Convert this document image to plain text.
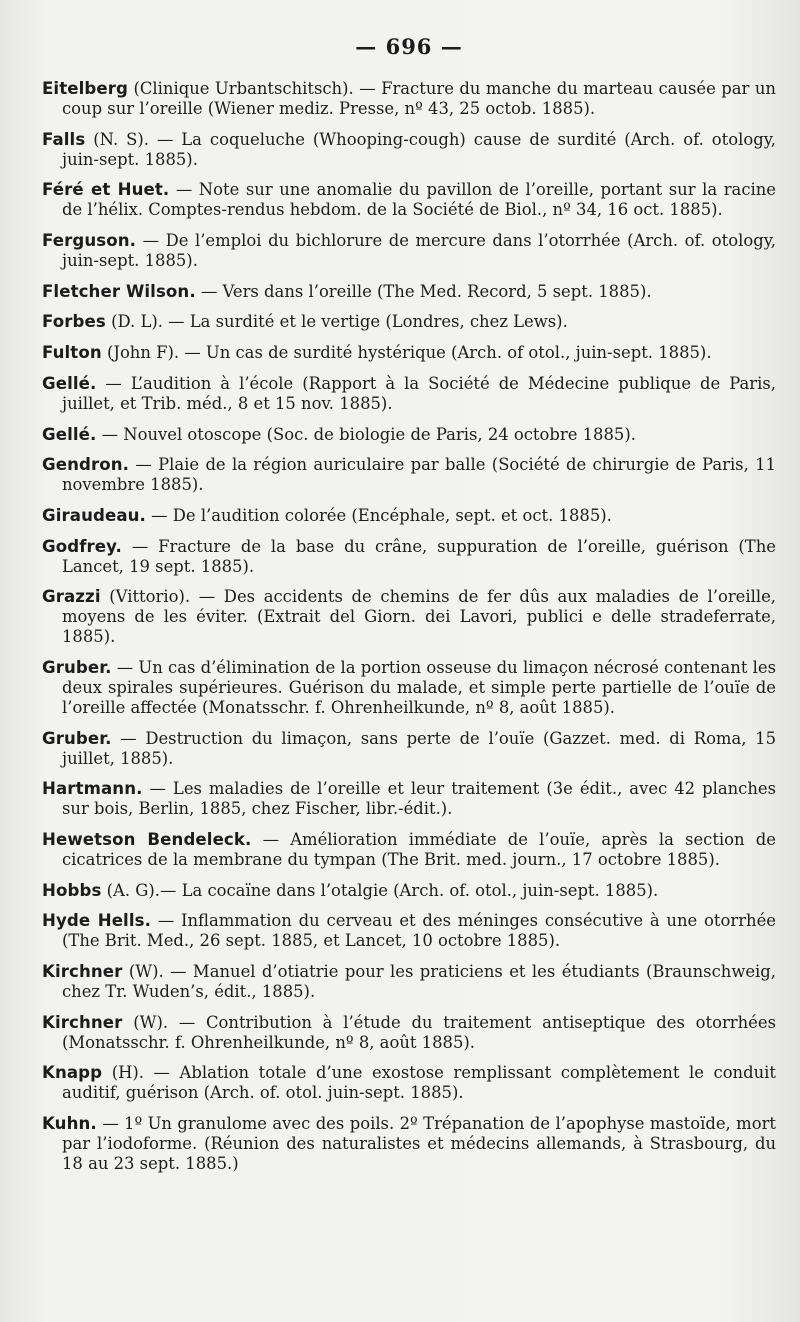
— 696 —

Eitelberg (Clinique Urbantschitsch). — Fracture du manche du marteau causée par un coup sur l’oreille (Wiener mediz. Presse, nº 43, 25 octob. 1885).

Falls (N. S). — La coqueluche (Whooping-cough) cause de surdité (Arch. of. otology, juin-sept. 1885).

Féré et Huet. — Note sur une anomalie du pavillon de l’oreille, portant sur la racine de l’hélix. Comptes-rendus hebdom. de la Société de Biol., nº 34, 16 oct. 1885).

Ferguson. — De l’emploi du bichlorure de mercure dans l’otorrhée (Arch. of. otology, juin-sept. 1885).

Fletcher Wilson. — Vers dans l’oreille (The Med. Record, 5 sept. 1885).

Forbes (D. L). — La surdité et le vertige (Londres, chez Lews).

Fulton (John F). — Un cas de surdité hystérique (Arch. of otol., juin-sept. 1885).

Gellé. — L’audition à l’école (Rapport à la Société de Médecine publique de Paris, juillet, et Trib. méd., 8 et 15 nov. 1885).

Gellé. — Nouvel otoscope (Soc. de biologie de Paris, 24 octobre 1885).

Gendron. — Plaie de la région auriculaire par balle (Société de chirurgie de Paris, 11 novembre 1885).

Giraudeau. — De l’audition colorée (Encéphale, sept. et oct. 1885).

Godfrey. — Fracture de la base du crâne, suppuration de l’oreille, guérison (The Lancet, 19 sept. 1885).

Grazzi (Vittorio). — Des accidents de chemins de fer dûs aux maladies de l’oreille, moyens de les éviter. (Extrait del Giorn. dei Lavori, publici e delle stradeferrate, 1885).

Gruber. — Un cas d’élimination de la portion osseuse du limaçon nécrosé contenant les deux spirales supérieures. Guérison du malade, et simple perte partielle de l’ouïe de l’oreille affectée (Monatsschr. f. Ohrenheilkunde, nº 8, août 1885).

Gruber. — Destruction du limaçon, sans perte de l’ouïe (Gazzet. med. di Roma, 15 juillet, 1885).

Hartmann. — Les maladies de l’oreille et leur traitement (3e édit., avec 42 planches sur bois, Berlin, 1885, chez Fischer, libr.-édit.).

Hewetson Bendeleck. — Amélioration immédiate de l’ouïe, après la section de cicatrices de la membrane du tympan (The Brit. med. journ., 17 octobre 1885).

Hobbs (A. G).— La cocaïne dans l’otalgie (Arch. of. otol., juin-sept. 1885).

Hyde Hells. — Inflammation du cerveau et des méninges consécutive à une otorrhée (The Brit. Med., 26 sept. 1885, et Lancet, 10 octobre 1885).

Kirchner (W). — Manuel d’otiatrie pour les praticiens et les étudiants (Braunschweig, chez Tr. Wuden’s, édit., 1885).

Kirchner (W). — Contribution à l’étude du traitement antiseptique des otorrhées (Monatsschr. f. Ohrenheilkunde, nº 8, août 1885).

Knapp (H). — Ablation totale d’une exostose remplissant complètement le conduit auditif, guérison (Arch. of. otol. juin-sept. 1885).

Kuhn. — 1º Un granulome avec des poils. 2º Trépanation de l’apophyse mastoïde, mort par l’iodoforme. (Réunion des naturalistes et médecins allemands, à Strasbourg, du 18 au 23 sept. 1885.)
